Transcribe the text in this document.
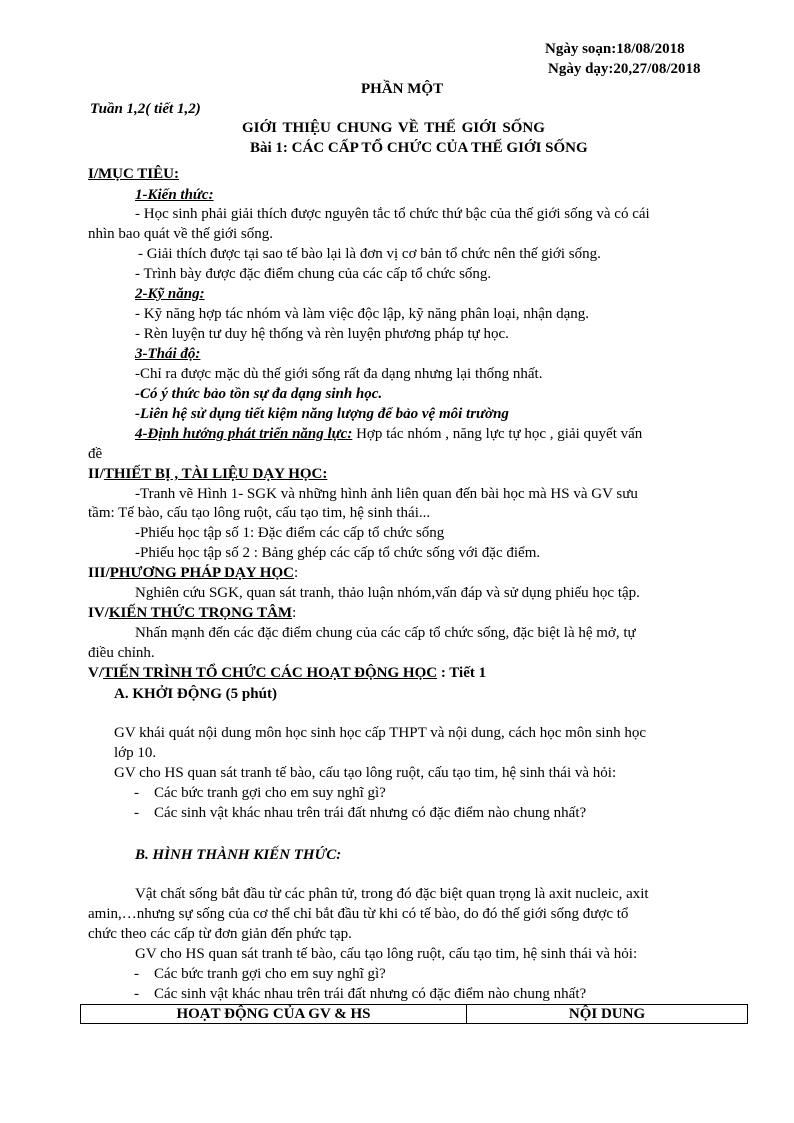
Ngày soạn:18/08/2018
Ngày dạy:20,27/08/2018
PHẦN MỘT
Tuần 1,2( tiết 1,2)
GIỚI THIỆU CHUNG VỀ THẾ GIỚI SỐNG
Bài 1: CÁC CẤP TỔ CHỨC CỦA THẾ GIỚI SỐNG
I/MỤC TIÊU:
1-Kiến thức:
- Học sinh phải giải thích được nguyên tắc tổ chức thứ bậc của thế giới sống và có cái
nhìn bao quát về thế giới sống.
- Giải thích được tại sao tế bào lại là đơn vị cơ bản tổ chức nên thế giới sống.
- Trình bày được đặc điểm chung của các cấp tổ chức sống.
2-Kỹ năng:
- Kỹ năng hợp tác nhóm và làm việc độc lập, kỹ năng phân loại, nhận dạng.
- Rèn luyện tư duy hệ thống và rèn luyện phương pháp tự học.
3-Thái độ:
-Chỉ ra được mặc dù thế giới sống rất đa dạng nhưng lại thống nhất.
-Có ý thức bảo tồn sự đa dạng sinh học.
-Liên hệ sử dụng tiết kiệm năng lượng để bảo vệ môi trường
4-Định hướng phát triển năng lực: Hợp tác nhóm , năng lực tự học , giải quyết vấn
đề
II/THIẾT BỊ , TÀI LIỆU DẠY HỌC:
-Tranh vẽ Hình 1- SGK và những hình ảnh liên quan đến bài học mà HS và GV sưu
tầm: Tế bào, cấu tạo lông ruột, cấu tạo tim, hệ sinh thái...
-Phiếu học tập số 1: Đặc điểm các cấp tổ chức sống
-Phiếu học tập số 2 : Bảng ghép các cấp tổ chức sống với đặc điểm.
III/PHƯƠNG PHÁP DẠY HỌC:
Nghiên cứu SGK, quan sát tranh, thảo luận nhóm,vấn đáp và sử dụng phiếu học tập.
IV/KIẾN THỨC TRỌNG TÂM:
Nhấn mạnh đến các đặc điểm chung của các cấp tổ chức sống, đặc biệt là hệ mở, tự
điều chỉnh.
V/TIẾN TRÌNH TỔ CHỨC CÁC HOẠT ĐỘNG HỌC : Tiết 1
A. KHỞI ĐỘNG (5 phút)
GV khái quát nội dung môn học sinh học cấp THPT và nội dung, cách học môn sinh học
lớp 10.
GV cho HS quan sát tranh tế bào, cấu tạo lông ruột, cấu tạo tim, hệ sinh thái và hỏi:
- Các bức tranh gợi cho em suy nghĩ gì?
- Các sinh vật khác nhau trên trái đất nhưng có đặc điểm nào chung nhất?
B. HÌNH THÀNH KIẾN THỨC:
Vật chất sống bắt đầu từ các phân tử, trong đó đặc biệt quan trọng là axit nucleic, axit
amin,…nhưng sự sống của cơ thể chỉ bắt đầu từ khi có tế bào, do đó thế giới sống được tổ
chức theo các cấp từ đơn giản đến phức tạp.
GV cho HS quan sát tranh tế bào, cấu tạo lông ruột, cấu tạo tim, hệ sinh thái và hỏi:
- Các bức tranh gợi cho em suy nghĩ gì?
- Các sinh vật khác nhau trên trái đất nhưng có đặc điểm nào chung nhất?
HOẠT ĐỘNG CỦA GV & HS	NỘI DUNG
